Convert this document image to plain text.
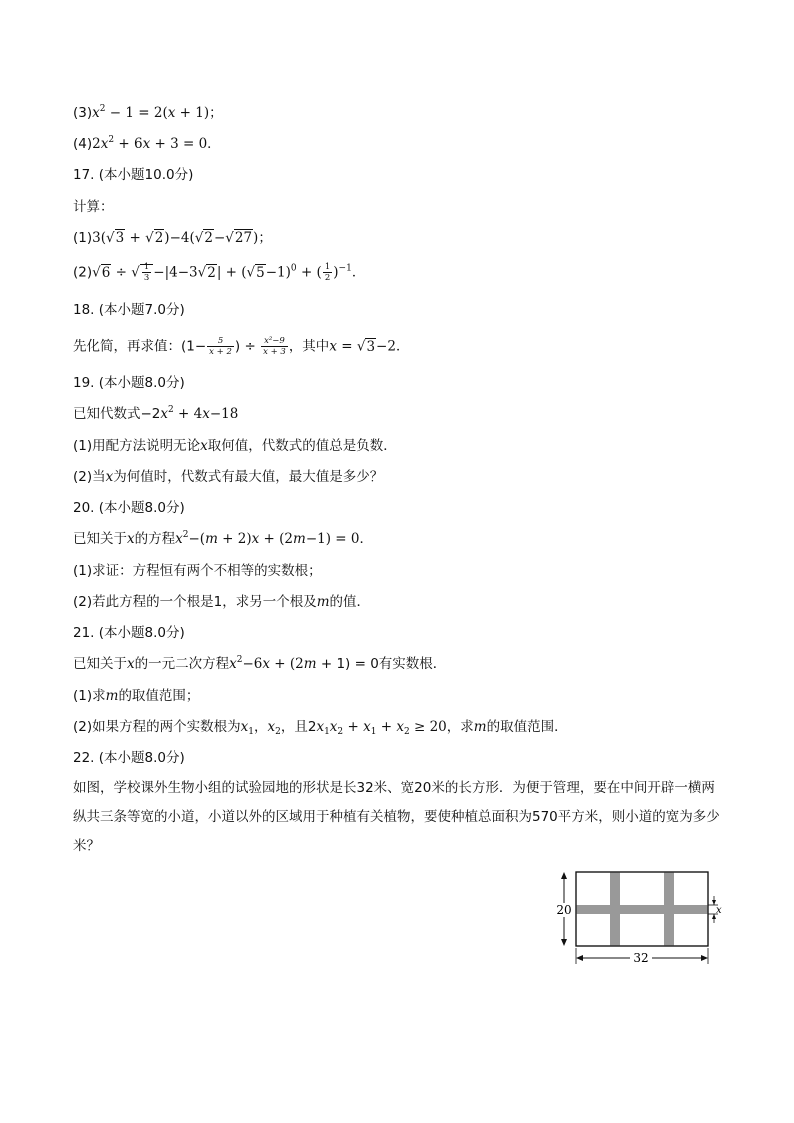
$(3)x^2 - 1 = 2(x + 1)$；
$(4)2x^2 + 6x + 3 = 0$．
17. (本小题10.0分)
计算：
(1)3(√3 + √2)−4(√2−√27)；
(2)√6 ÷ √ $\frac{1}{3} -|4-3√2| + (√5-1)^0$ + ( $\frac{1}{2} )^{-1}$．
18. (本小题7.0分)
先化简，再求值：($1- \frac{5}{x + 2}$ ) ÷ $\frac{\text{x²−9}}{x + 3}$ ，其中x = √3−2．
19. (本小题8.0分)
已知代数式$-2x^2 + 4x-18$
(1)用配方法说明无论x取何值，代数式的值总是负数．
(2)当x为何值时，代数式有最大值，最大值是多少？
20. (本小题8.0分)
已知关于x的方程$x^2-(m + 2)x + (2m-1) = 0$．
(1)求证：方程恒有两个不相等的实数根；
(2)若此方程的一个根是1，求另一个根及m的值．
21. (本小题8.0分)
已知关于x的一元二次方程$x^2-6x + (2m + 1) = 0$有实数根．
(1)求m的取值范围；
(2)如果方程的两个实数根为$x_1$，$x_2$，且$2x_1x_2 + x_1 + x_2 \ge 20$，求m的取值范围．
22. (本小题8.0分)
如图，学校课外生物小组的试验园地的形状是长32米、宽20米的长方形．为便于管理，要在中间开辟一横两纵共三条等宽的小道，小道以外的区域用于种植有关植物，要使种植总面积为570平方米，则小道的宽为多少米？
20
32
x
